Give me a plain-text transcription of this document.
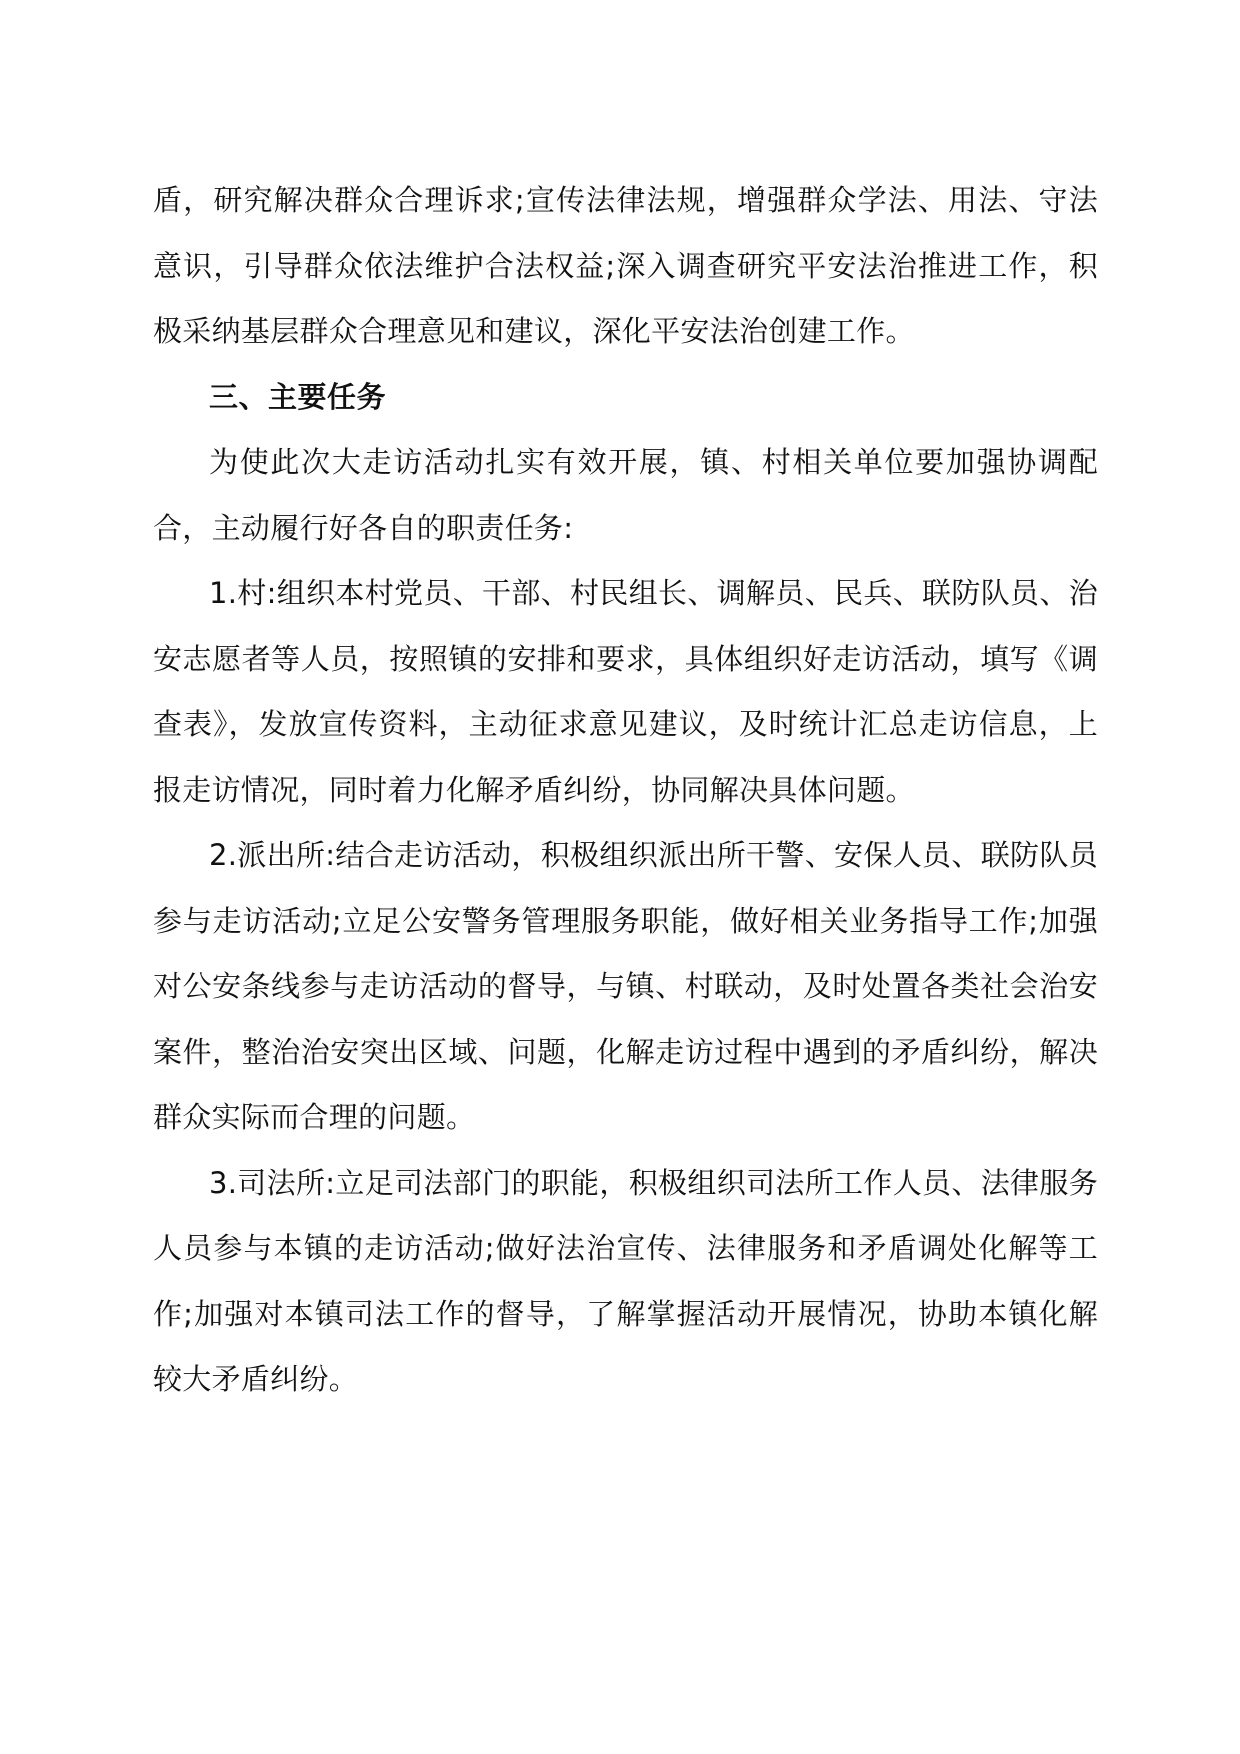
盾，研究解决群众合理诉求;宣传法律法规，增强群众学法、用法、守法意识，引导群众依法维护合法权益;深入调查研究平安法治推进工作，积极采纳基层群众合理意见和建议，深化平安法治创建工作。

三、主要任务

为使此次大走访活动扎实有效开展，镇、村相关单位要加强协调配合，主动履行好各自的职责任务:

1.村:组织本村党员、干部、村民组长、调解员、民兵、联防队员、治安志愿者等人员，按照镇的安排和要求，具体组织好走访活动，填写《调查表》，发放宣传资料，主动征求意见建议，及时统计汇总走访信息，上报走访情况，同时着力化解矛盾纠纷，协同解决具体问题。

2.派出所:结合走访活动，积极组织派出所干警、安保人员、联防队员参与走访活动;立足公安警务管理服务职能，做好相关业务指导工作;加强对公安条线参与走访活动的督导，与镇、村联动，及时处置各类社会治安案件，整治治安突出区域、问题，化解走访过程中遇到的矛盾纠纷，解决群众实际而合理的问题。

3.司法所:立足司法部门的职能，积极组织司法所工作人员、法律服务人员参与本镇的走访活动;做好法治宣传、法律服务和矛盾调处化解等工作;加强对本镇司法工作的督导，了解掌握活动开展情况，协助本镇化解较大矛盾纠纷。
